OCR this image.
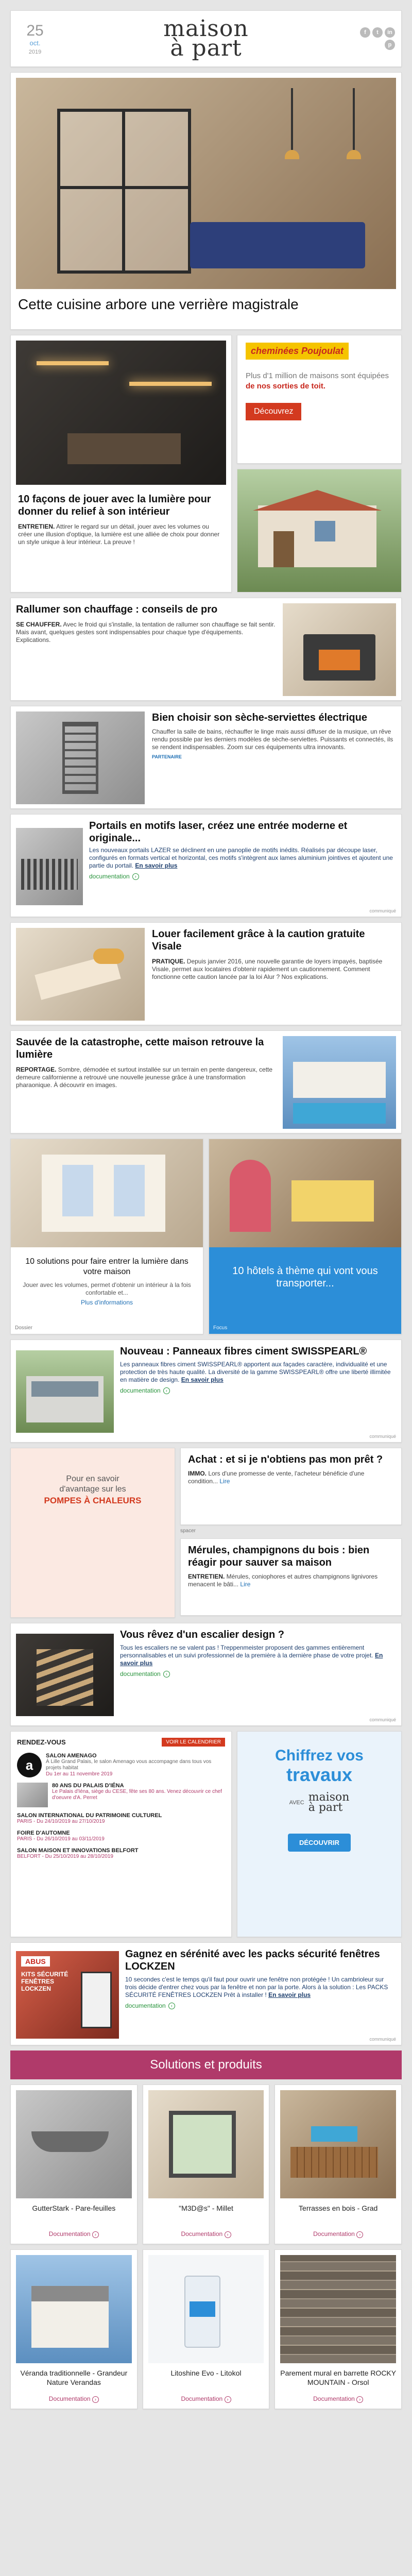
25
oct.
2019
maison
à part
f	t	in
p
Cette cuisine arbore une verrière magistrale
10 façons de jouer avec la lumière pour donner du relief à son intérieur
ENTRETIEN. Attirer le regard sur un détail, jouer avec les volumes ou créer une illusion d'optique, la lumière est une alliée de choix pour donner un style unique à leur intérieur. La preuve !
cheminées Poujoulat
Plus d'1 million de maisons sont équipées de nos sorties de toit.
Découvrez
Rallumer son chauffage : conseils de pro
SE CHAUFFER. Avec le froid qui s'installe, la tentation de rallumer son chauffage se fait sentir. Mais avant, quelques gestes sont indispensables pour chaque type d'équipements. Explications.
Bien choisir son sèche-serviettes électrique
Chauffer la salle de bains, réchauffer le linge mais aussi diffuser de la musique, un rêve rendu possible par les derniers modèles de sèche-serviettes. Puissants et connectés, ils se rendent indispensables. Zoom sur ces équipements ultra innovants.
PARTENAIRE
Portails en motifs laser, créez une entrée moderne et originale...
Les nouveaux portails LAZER se déclinent en une panoplie de motifs inédits. Réalisés par découpe laser, configurés en formats vertical et horizontal, ces motifs s'intègrent aux lames aluminium jointives et ajoutent une partie du portail. En savoir plus
documentation	›
communiqué
Louer facilement grâce à la caution gratuite Visale
PRATIQUE. Depuis janvier 2016, une nouvelle garantie de loyers impayés, baptisée Visale, permet aux locataires d'obtenir rapidement un cautionnement. Comment fonctionne cette caution lancée par la loi Alur ? Nos explications.
Sauvée de la catastrophe, cette maison retrouve la lumière
REPORTAGE. Sombre, démodée et surtout installée sur un terrain en pente dangereux, cette demeure californienne a retrouvé une nouvelle jeunesse grâce à une transformation pharaonique. À découvrir en images.
10 solutions pour faire entrer la lumière dans votre maison
Jouer avec les volumes, permet d'obtenir un intérieur à la fois confortable et...
Plus d'informations
Dossier
10 hôtels à thème qui vont vous transporter...
Focus
Nouveau : Panneaux fibres ciment SWISSPEARL®
Les panneaux fibres ciment SWISSPEARL® apportent aux façades caractère, individualité et une protection de très haute qualité. La diversité de la gamme SWISSPEARL® offre une liberté illimitée en matière de design. En savoir plus
documentation	›
communiqué
Pour en savoir
d'avantage sur les
POMPES À CHALEURS
Achat : et si je n'obtiens pas mon prêt ?
IMMO. Lors d'une promesse de vente, l'acheteur bénéficie d'une condition... Lire
spacer
Mérules, champignons du bois : bien réagir pour sauver sa maison
ENTRETIEN. Mérules, coniophores et autres champignons lignivores menacent le bâti... Lire
Vous rêvez d'un escalier design ?
Tous les escaliers ne se valent pas ! Treppenmeister proposent des gammes entièrement personnalisables et un suivi professionnel de la première à la dernière phase de votre projet. En savoir plus
documentation	›
communiqué
RENDEZ-VOUS	VOIR LE CALENDRIER
a
SALON AMENAGO
À Lille Grand Palais, le salon Amenago vous accompagne dans tous vos projets habitat
Du 1er au 11 novembre 2019
80 ANS DU PALAIS D'IÉNA
Le Palais d'Iéna, siège du CESE, fête ses 80 ans. Venez découvrir ce chef d'oeuvre d'A. Perret
SALON INTERNATIONAL DU PATRIMOINE CULTUREL
PARIS - Du 24/10/2019 au 27/10/2019
FOIRE D'AUTOMNE
PARIS - Du 26/10/2019 au 03/11/2019
SALON MAISON ET INNOVATIONS BELFORT
BELFORT - Du 25/10/2019 au 28/10/2019
Chiffrez vos
travaux
AVEC maison
à part
DÉCOUVRIR
ABUS
KITS SÉCURITÉ FENÊTRES LOCKZEN
Gagnez en sérénité avec les packs sécurité fenêtres LOCKZEN
10 secondes c'est le temps qu'il faut pour ouvrir une fenêtre non protégée ! Un cambrioleur sur trois décide d'entrer chez vous par la fenêtre et non par la porte. Alors à la solution : Les PACKS SÉCURITÉ FENÊTRES LOCKZEN Prêt à installer ! En savoir plus
documentation	›
communiqué
Solutions et produits
GutterStark - Pare-feuilles
Documentation ›
"M3D@s" - Millet
Documentation ›
Terrasses en bois - Grad
Documentation ›
Véranda traditionnelle - Grandeur Nature Verandas
Documentation ›
Litoshine Evo - Litokol
Documentation ›
Parement mural en barrette ROCKY MOUNTAIN - Orsol
Documentation ›
